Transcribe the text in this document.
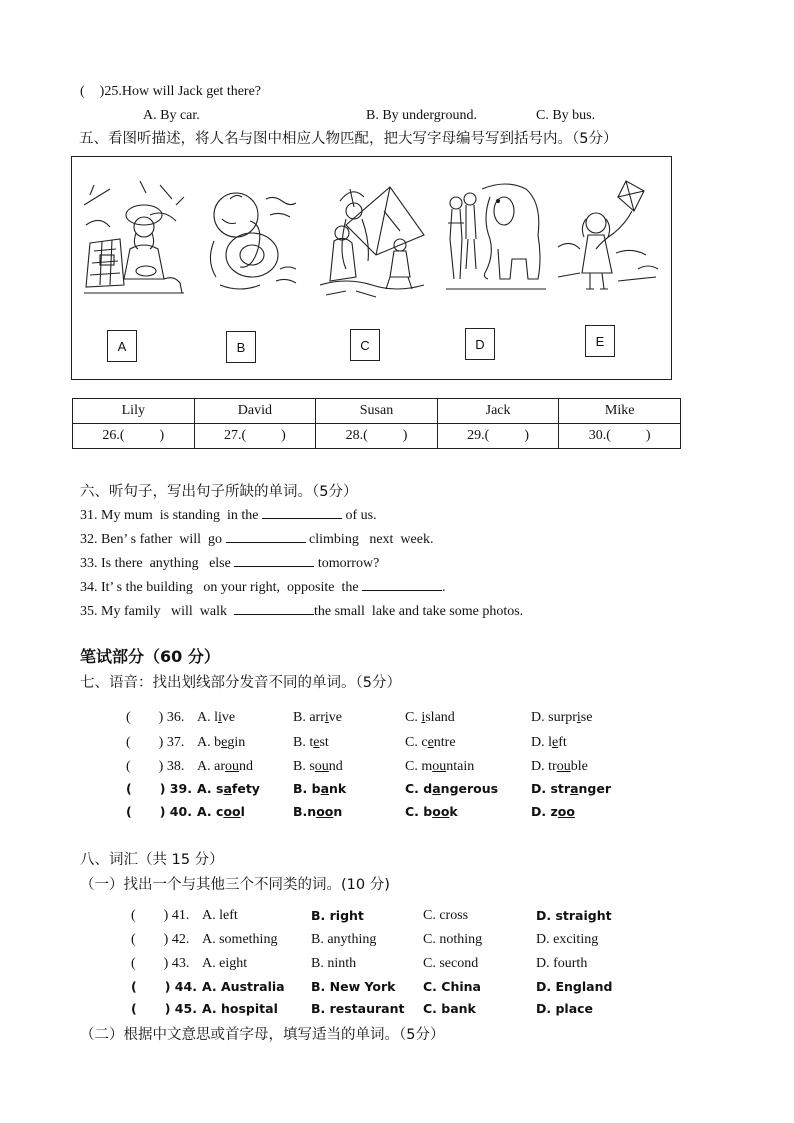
( )25.How will Jack get there?
A. By car.	B. By underground.	C. By bus.
五、看图听描述，将人名与图中相应人物匹配，把大写字母编号写到括号内。（5分）
A	B	C	D	E
Lily	David	Susan	Jack	Mike
26.(          )	27.(          )	28.(          )	29.(          )	30.(          )
六、听句子，写出句子所缺的单词。（5分）
31. My mum  is standing  in the	of us.
32. Ben’ s father  will  go	climbing   next  week.
33. Is there  anything   else	tomorrow?
34. It’ s the building   on your right,  opposite  the	.
35. My family   will  walk	the small  lake and take some photos.
笔试部分（60 分）
七、语音：找出划线部分发音不同的单词。（5分）
( ) 36. A. live	B. arrive	C. island	D. surprise
( ) 37. A. begin	B. test	C. centre	D. left
( ) 38. A. around	B. sound	C. mountain	D. trouble
( ) 39. A. safety	B. bank	C. dangerous	D. stranger
( ) 40. A. cool	B.noon	C. book	D. zoo
八、词汇（共 15 分）
（一）找出一个与其他三个不同类的词。(10 分)
( ) 41. A. left	B. right	C. cross	D. straight
( ) 42. A. something B. anything	C. nothing	D. exciting
( ) 43. A. eight	B. ninth	C. second	D. fourth
( ) 44. A. Australia B. New York C. China	D. England
( ) 45. A. hospital	B. restaurant C. bank	D. place
（二）根据中文意思或首字母，填写适当的单词。（5分）
